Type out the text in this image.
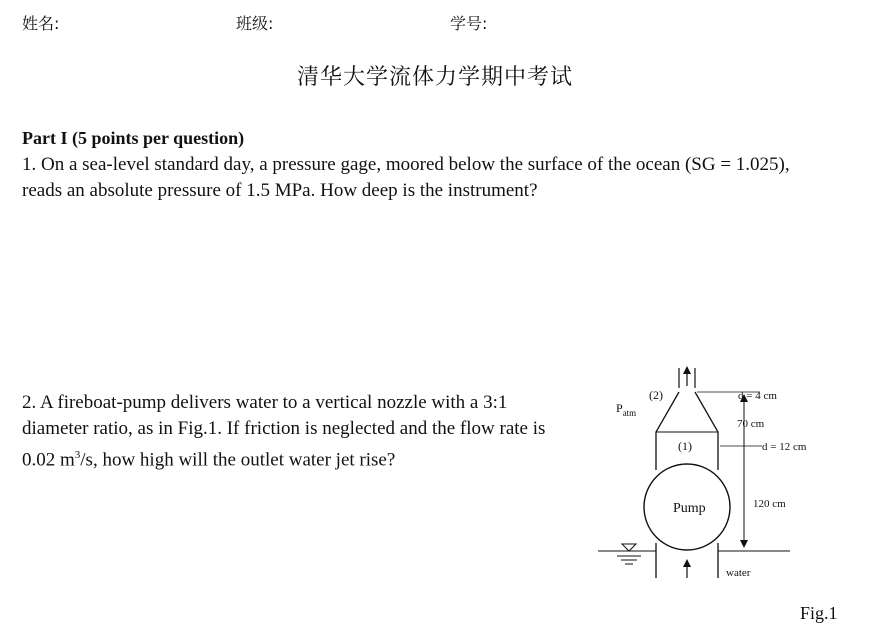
姓名:	班级:	学号:
清华大学流体力学期中考试
Part I (5 points per question)
1. On a sea-level standard day, a pressure gage, moored below the surface of the ocean (SG = 1.025), reads an absolute pressure of 1.5 MPa. How deep is the instrument?
2. A fireboat-pump delivers water to a vertical nozzle with a 3:1 diameter ratio, as in Fig.1. If friction is neglected and the flow rate is 0.02 $m^3/s$, how high will the outlet water jet rise?
$P_{atm}$
(2)
(1)
Pump
d = 4 cm
70 cm
d = 12 cm
120 cm
water
Fig.1
